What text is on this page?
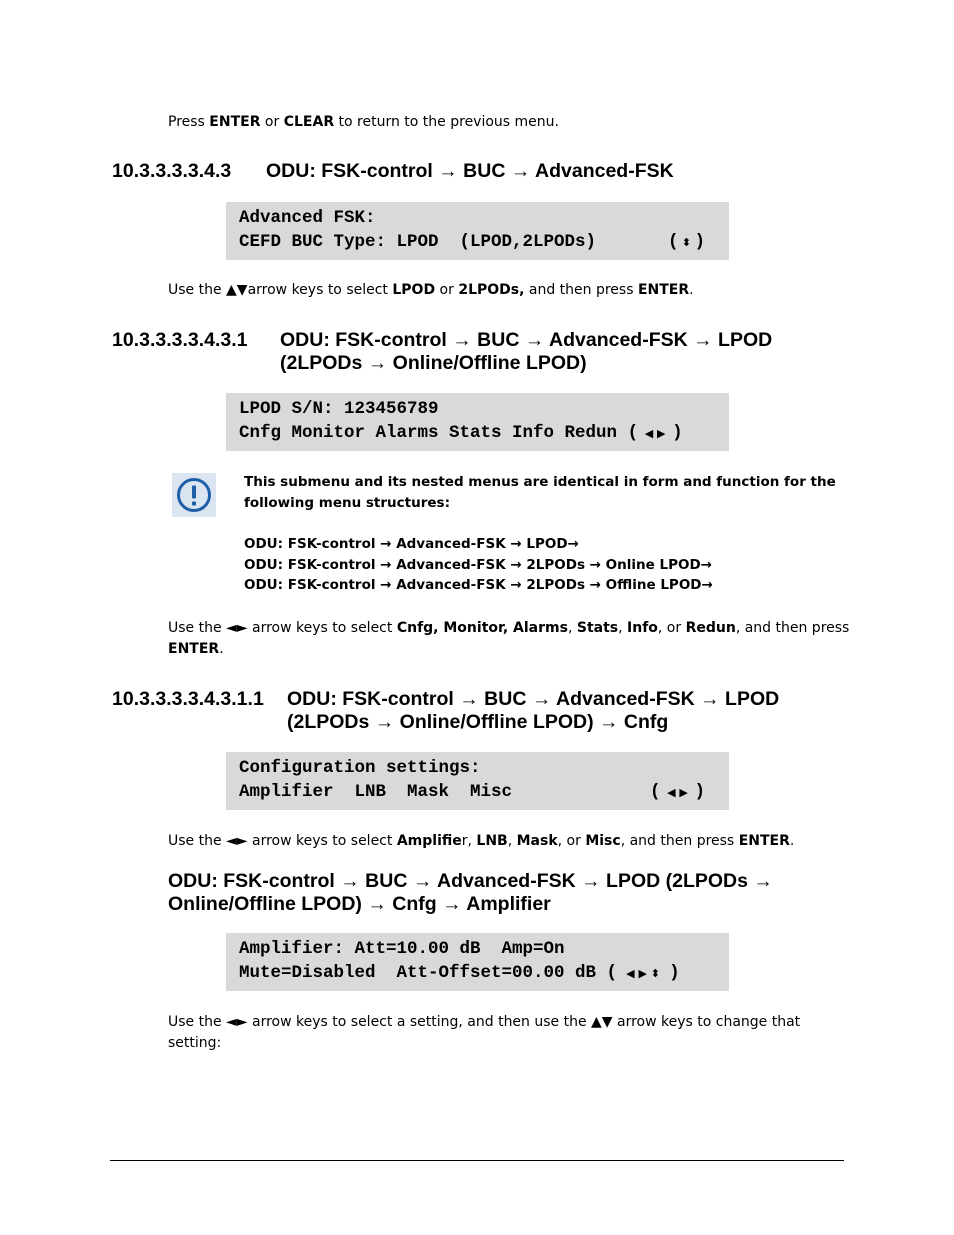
Press ENTER or CLEAR to return to the previous menu.
10.3.3.3.3.4.3 ODU: FSK-control → BUC → Advanced-FSK
Advanced FSK:
CEFD BUC Type: LPOD  (LPOD,2LPODs)	( ⬍ )
Use the ▲▼arrow keys to select LPOD or 2LPODs, and then press ENTER.
10.3.3.3.3.4.3.1 ODU: FSK-control → BUC → Advanced-FSK → LPOD
(2LPODs → Online/Offline LPOD)
LPOD S/N: 123456789
Cnfg Monitor Alarms Stats Info Redun ( ◀ ▶ )
This submenu and its nested menus are identical in form and function for the
following menu structures:
ODU: FSK-control → Advanced-FSK → LPOD→
ODU: FSK-control → Advanced-FSK → 2LPODs → Online LPOD→
ODU: FSK-control → Advanced-FSK → 2LPODs → Offline LPOD→
Use the ◄► arrow keys to select Cnfg, Monitor, Alarms, Stats, Info, or Redun, and then press
ENTER.
10.3.3.3.3.4.3.1.1 ODU: FSK-control → BUC → Advanced-FSK → LPOD
(2LPODs → Online/Offline LPOD) → Cnfg
Configuration settings:
Amplifier  LNB  Mask  Misc	( ◀ ▶ )
Use the ◄► arrow keys to select Amplifier, LNB, Mask, or Misc, and then press ENTER.
ODU: FSK-control → BUC → Advanced-FSK → LPOD (2LPODs →
Online/Offline LPOD) → Cnfg → Amplifier
Amplifier: Att=10.00 dB  Amp=On
Mute=Disabled  Att-Offset=00.00 dB ( ◀ ▶ ⬍ )
Use the ◄► arrow keys to select a setting, and then use the ▲▼ arrow keys to change that
setting:
